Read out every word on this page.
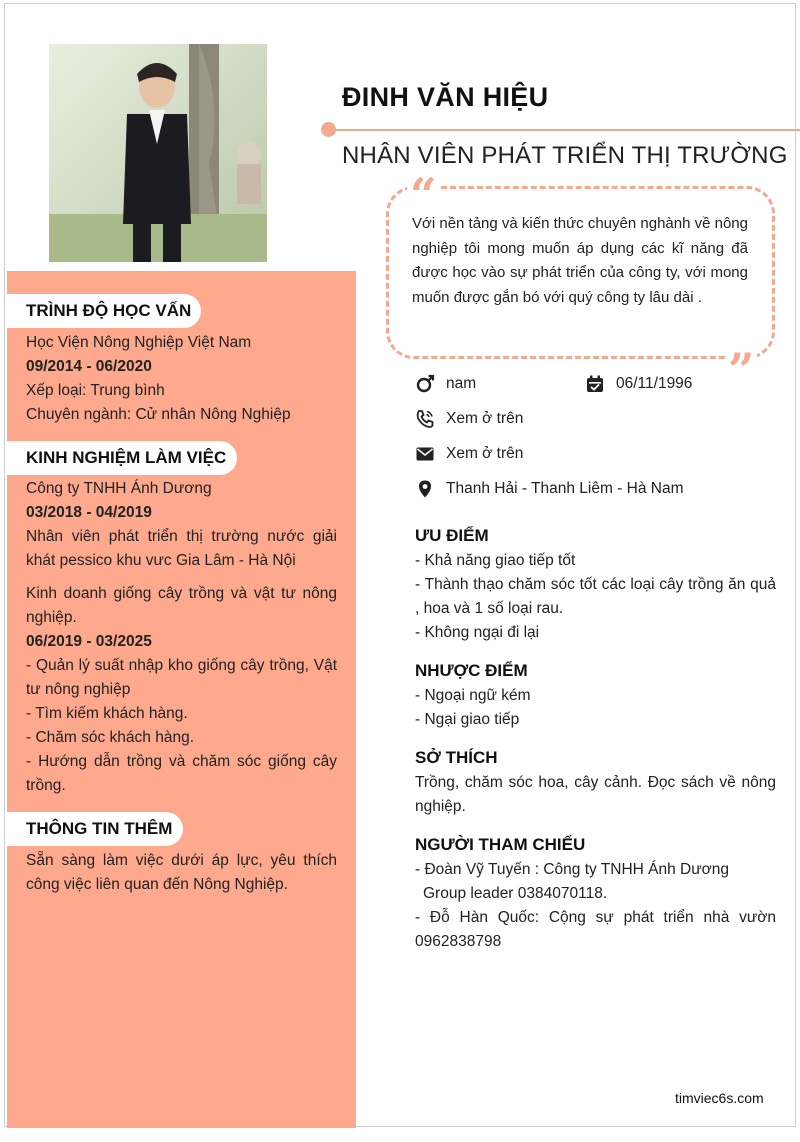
ĐINH VĂN HIỆU
NHÂN VIÊN PHÁT TRIỂN THỊ TRƯỜNG
“
”
Với nền tảng và kiến thức chuyên nghành về nông nghiệp tôi mong muốn áp dụng các kĩ năng đã được học vào sự phát triển của công ty, với mong muốn được gắn bó với quý công ty lâu dài .
nam	06/11/1996
Xem ở trên
Xem ở trên
Thanh Hải - Thanh Liêm - Hà Nam
ƯU ĐIỂM
- Khả năng giao tiếp tốt
- Thành thạo chăm sóc tốt các loại cây trồng ăn quả , hoa và 1 số loại rau.
- Không ngại đi lại
NHƯỢC ĐIỂM
- Ngoại ngữ kém
- Ngại giao tiếp
SỞ THÍCH
Trồng, chăm sóc hoa, cây cảnh. Đọc sách về nông nghiệp.
NGƯỜI THAM CHIẾU
- Đoàn Vỹ Tuyến : Công ty TNHH Ánh Dương
Group leader 0384070118.
- Đỗ Hàn Quốc: Cộng sự phát triển nhà vườn 0962838798
TRÌNH ĐỘ HỌC VẤN
Học Viện Nông Nghiệp Việt Nam
09/2014 - 06/2020
Xếp loại: Trung bình
Chuyên ngành: Cử nhân Nông Nghiệp
KINH NGHIỆM LÀM VIỆC
Công ty TNHH Ánh Dương
03/2018 - 04/2019
Nhân viên phát triển thị trường nước giải khát pessico khu vưc Gia Lâm - Hà Nội
Kinh doanh giống cây trồng và vật tư nông nghiệp.
06/2019 - 03/2025
- Quản lý suất nhập kho giống cây trồng, Vật tư nông nghiệp
- Tìm kiếm khách hàng.
- Chăm sóc khách hàng.
- Hướng dẫn trồng và chăm sóc giống cây trồng.
THÔNG TIN THÊM
Sẵn sàng làm việc dưới áp lực, yêu thích công việc liên quan đến Nông Nghiệp.
timviec6s.com
